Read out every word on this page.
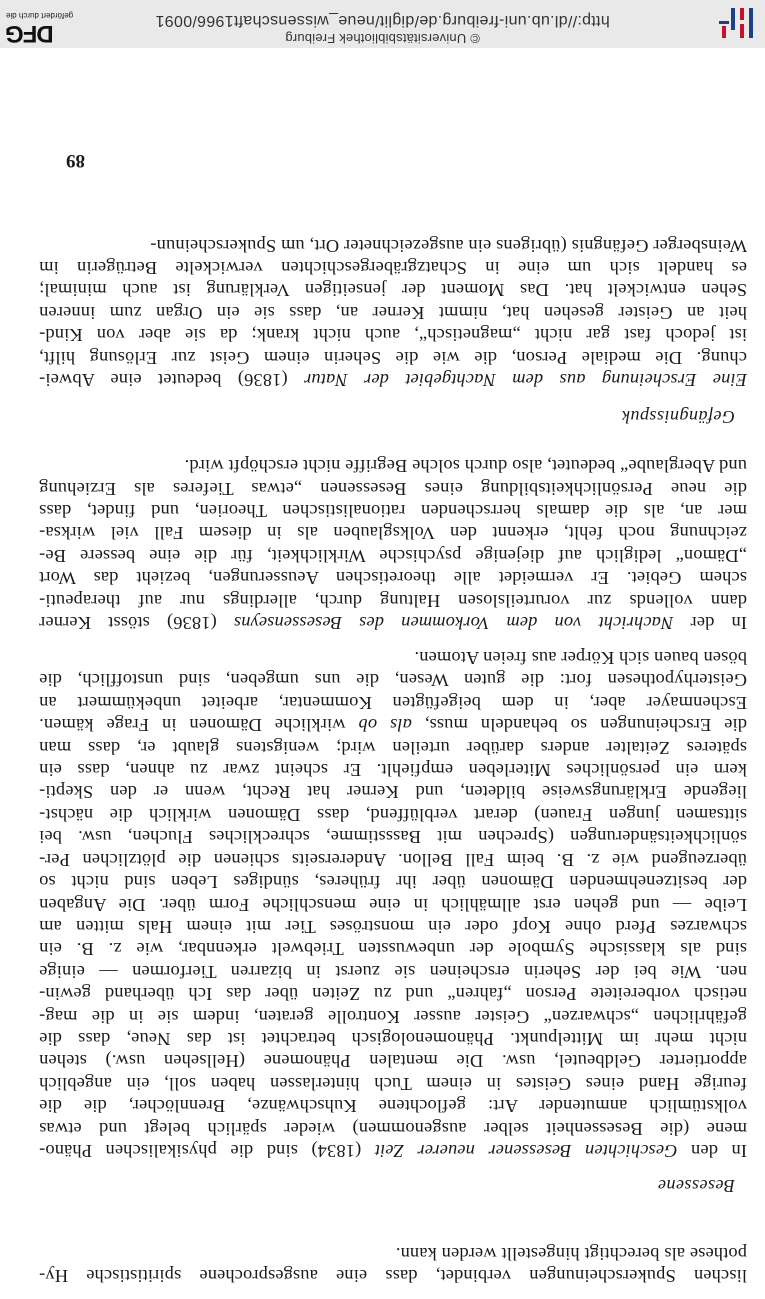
lischen Spukerscheinungen verbindet, dass eine ausgesprochene spiritistische Hy-
pothese als berechtigt hingestellt werden kann.
Besessene
In den Geschichten Besessener neuerer Zeit (1834) sind die physikalischen Phäno-
mene (die Besessenheit selber ausgenommen) wieder spärlich belegt und etwas
volkstümlich anmutender Art: geflochtene Kuhschwänze, Brennlöcher, die die
feurige Hand eines Geistes in einem Tuch hinterlassen haben soll, ein angeblich
apportierter Geldbeutel, usw. Die mentalen Phänomene (Hellsehen usw.) stehen
nicht mehr im Mittelpunkt. Phänomenologisch betrachtet ist das Neue, dass die
gefährlichen „schwarzen“ Geister ausser Kontrolle geraten, indem sie in die mag-
netisch vorbereitete Person „fahren“ und zu Zeiten über das Ich überhand gewin-
nen. Wie bei der Seherin erscheinen sie zuerst in bizarren Tierformen — einige
sind als klassische Symbole der unbewussten Triebwelt erkennbar, wie z. B. ein
schwarzes Pferd ohne Kopf oder ein monströses Tier mit einem Hals mitten am
Leibe — und gehen erst allmählich in eine menschliche Form über. Die Angaben
der besitzenehmenden Dämonen über ihr früheres, sündiges Leben sind nicht so
überzeugend wie z. B. beim Fall Bellon. Andererseits schienen die plötzlichen Per-
sönlichkeitsänderungen (Sprechen mit Bassstimme, schreckliches Fluchen, usw. bei
sittsamen jungen Frauen) derart verblüffend, dass Dämonen wirklich die nächst-
liegende Erklärungsweise bildeten, und Kerner hat Recht, wenn er den Skepti-
kern ein persönliches Miterleben empfiehlt. Er scheint zwar zu ahnen, dass ein
späteres Zeitalter anders darüber urteilen wird; wenigstens glaubt er, dass man
die Erscheinungen so behandeln muss, als ob wirkliche Dämonen in Frage kämen.
Eschenmayer aber, in dem beigefügten Kommentar, arbeitet unbekümmert an
Geisterhypothesen fort: die guten Wesen, die uns umgeben, sind unstofflich, die
bösen bauen sich Körper aus freien Atomen.
In der Nachricht von dem Vorkommen des Besessenseyns (1836) stösst Kerner
dann vollends zur vorurteilslosen Haltung durch, allerdings nur auf therapeuti-
schem Gebiet. Er vermeidet alle theoretischen Aeusserungen, bezieht das Wort
„Dämon“ lediglich auf diejenige psychische Wirklichkeit, für die eine bessere Be-
zeichnung noch fehlt, erkennt den Volksglauben als in diesem Fall viel wirksa-
mer an, als die damals herrschenden rationalistischen Theorien, und findet, dass
die neue Persönlichkeitsbildung eines Besessenen „etwas Tieferes als Erziehung
und Aberglaube“ bedeutet, also durch solche Begriffe nicht erschöpft wird.
Gefängnisspuk
Eine Erscheinung aus dem Nachtgebiet der Natur (1836) bedeutet eine Abwei-
chung. Die mediale Person, die wie die Seherin einem Geist zur Erlösung hilft,
ist jedoch fast gar nicht „magnetisch“, auch nicht krank; da sie aber von Kind-
heit an Geister gesehen hat, nimmt Kerner an, dass sie ein Organ zum inneren
Sehen entwickelt hat. Das Moment der jenseitigen Verklärung ist auch minimal;
es handelt sich um eine in Schatzgräbergeschichten verwickelte Betrügerin im
Weinsberger Gefängnis (übrigens ein ausgezeichneter Ort, um Spukerscheinun-
89
© Universitätsbibliothek Freiburg
http://dl.ub.uni-freiburg.de/diglit/neue_wissenschaft1966/0091
DFG
gefördert durch die
